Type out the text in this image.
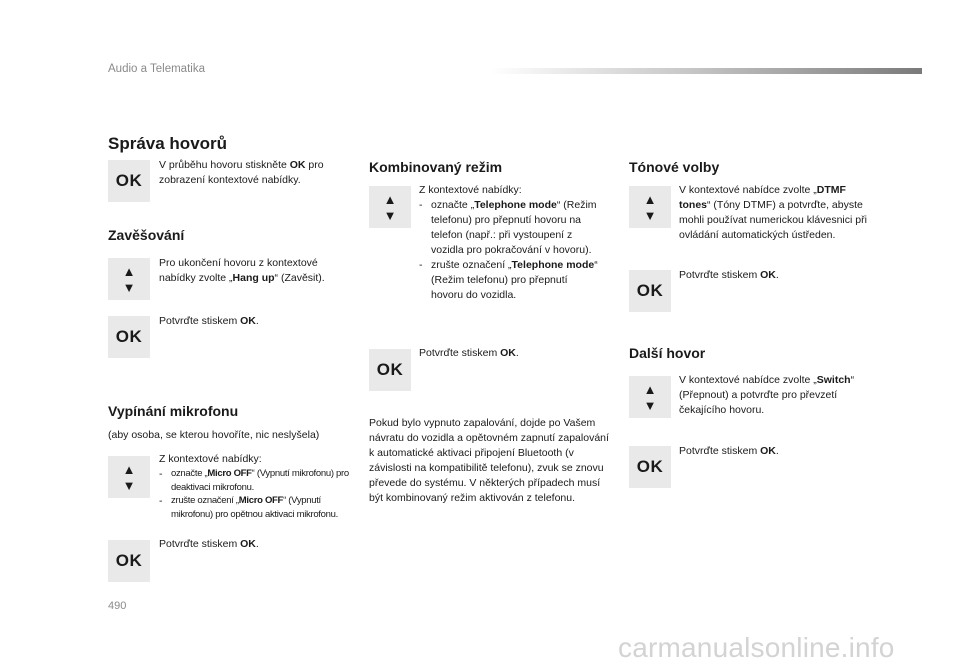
Audio a Telematika
Správa hovorů
OK
V průběhu hovoru stiskněte OK pro zobrazení kontextové nabídky.
Zavěšování
▲
▼
Pro ukončení hovoru z kontextové nabídky zvolte „Hang up“ (Zavěsit).
OK
Potvrďte stiskem OK.
Vypínání mikrofonu
(aby osoba, se kterou hovoříte, nic neslyšela)
▲
▼
Z kontextové nabídky:
- označte „Micro OFF“ (Vypnutí mikrofonu) pro deaktivaci mikrofonu.
- zrušte označení „Micro OFF“ (Vypnutí mikrofonu) pro opětnou aktivaci mikrofonu.
OK
Potvrďte stiskem OK.
Kombinovaný režim
▲
▼
Z kontextové nabídky:
- označte „Telephone mode“ (Režim telefonu) pro přepnutí hovoru na telefon (např.: při vystoupení z vozidla pro pokračování v hovoru).
- zrušte označení „Telephone mode“ (Režim telefonu) pro přepnutí hovoru do vozidla.
OK
Potvrďte stiskem OK.
Pokud bylo vypnuto zapalování, dojde po Vašem návratu do vozidla a opětovném zapnutí zapalování k automatické aktivaci připojení Bluetooth (v závislosti na kompatibilitě telefonu), zvuk se znovu převede do systému. V některých případech musí být kombinovaný režim aktivován z telefonu.
Tónové volby
▲
▼
V kontextové nabídce zvolte „DTMF tones“ (Tóny DTMF) a potvrďte, abyste mohli používat numerickou klávesnici při ovládání automatických ústředen.
OK
Potvrďte stiskem OK.
Další hovor
▲
▼
V kontextové nabídce zvolte „Switch“ (Přepnout) a potvrďte pro převzetí čekajícího hovoru.
OK
Potvrďte stiskem OK.
490
carmanualsonline.info
